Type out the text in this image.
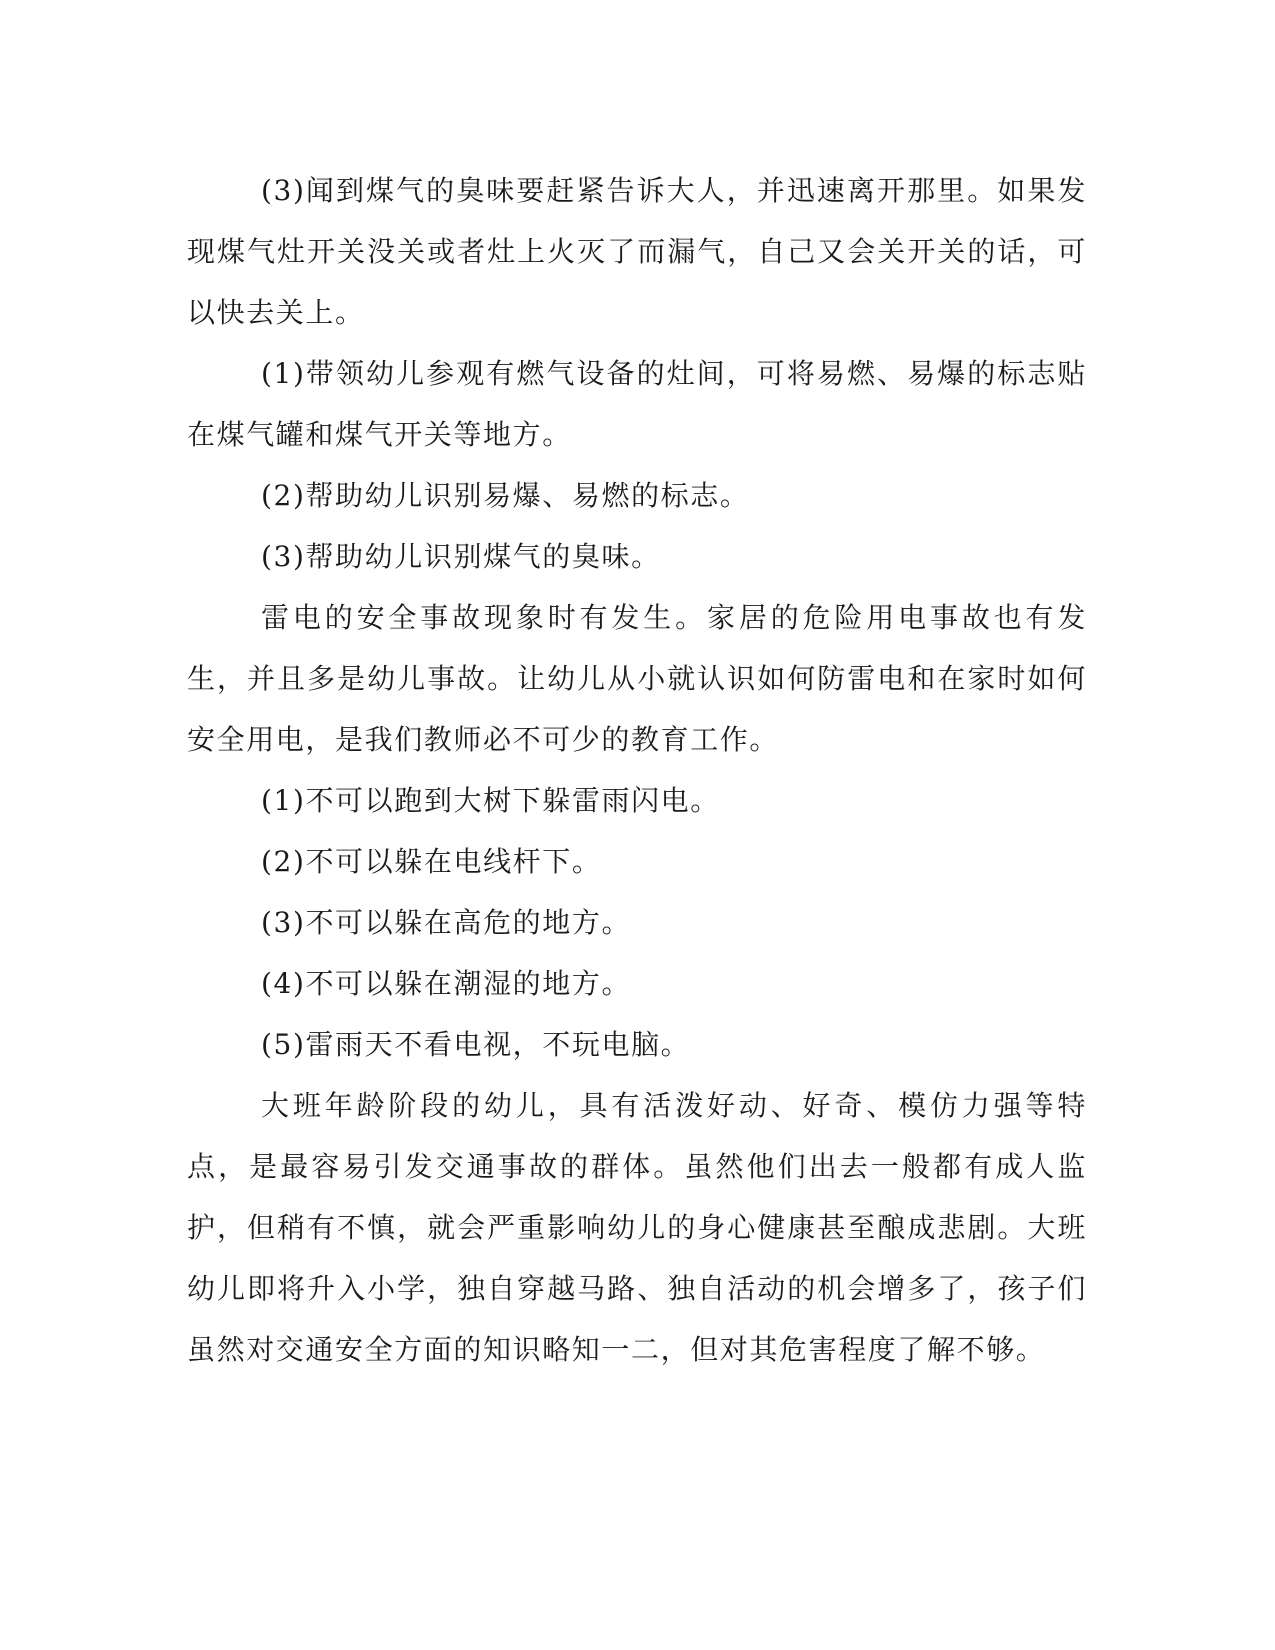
(3)闻到煤气的臭味要赶紧告诉大人，并迅速离开那里。如果发现煤气灶开关没关或者灶上火灭了而漏气，自己又会关开关的话，可以快去关上。

(1)带领幼儿参观有燃气设备的灶间，可将易燃、易爆的标志贴在煤气罐和煤气开关等地方。

(2)帮助幼儿识别易爆、易燃的标志。

(3)帮助幼儿识别煤气的臭味。

雷电的安全事故现象时有发生。家居的危险用电事故也有发生，并且多是幼儿事故。让幼儿从小就认识如何防雷电和在家时如何安全用电，是我们教师必不可少的教育工作。

(1)不可以跑到大树下躲雷雨闪电。

(2)不可以躲在电线杆下。

(3)不可以躲在高危的地方。

(4)不可以躲在潮湿的地方。

(5)雷雨天不看电视，不玩电脑。

大班年龄阶段的幼儿，具有活泼好动、好奇、模仿力强等特点，是最容易引发交通事故的群体。虽然他们出去一般都有成人监护，但稍有不慎，就会严重影响幼儿的身心健康甚至酿成悲剧。大班幼儿即将升入小学，独自穿越马路、独自活动的机会增多了，孩子们虽然对交通安全方面的知识略知一二，但对其危害程度了解不够。
